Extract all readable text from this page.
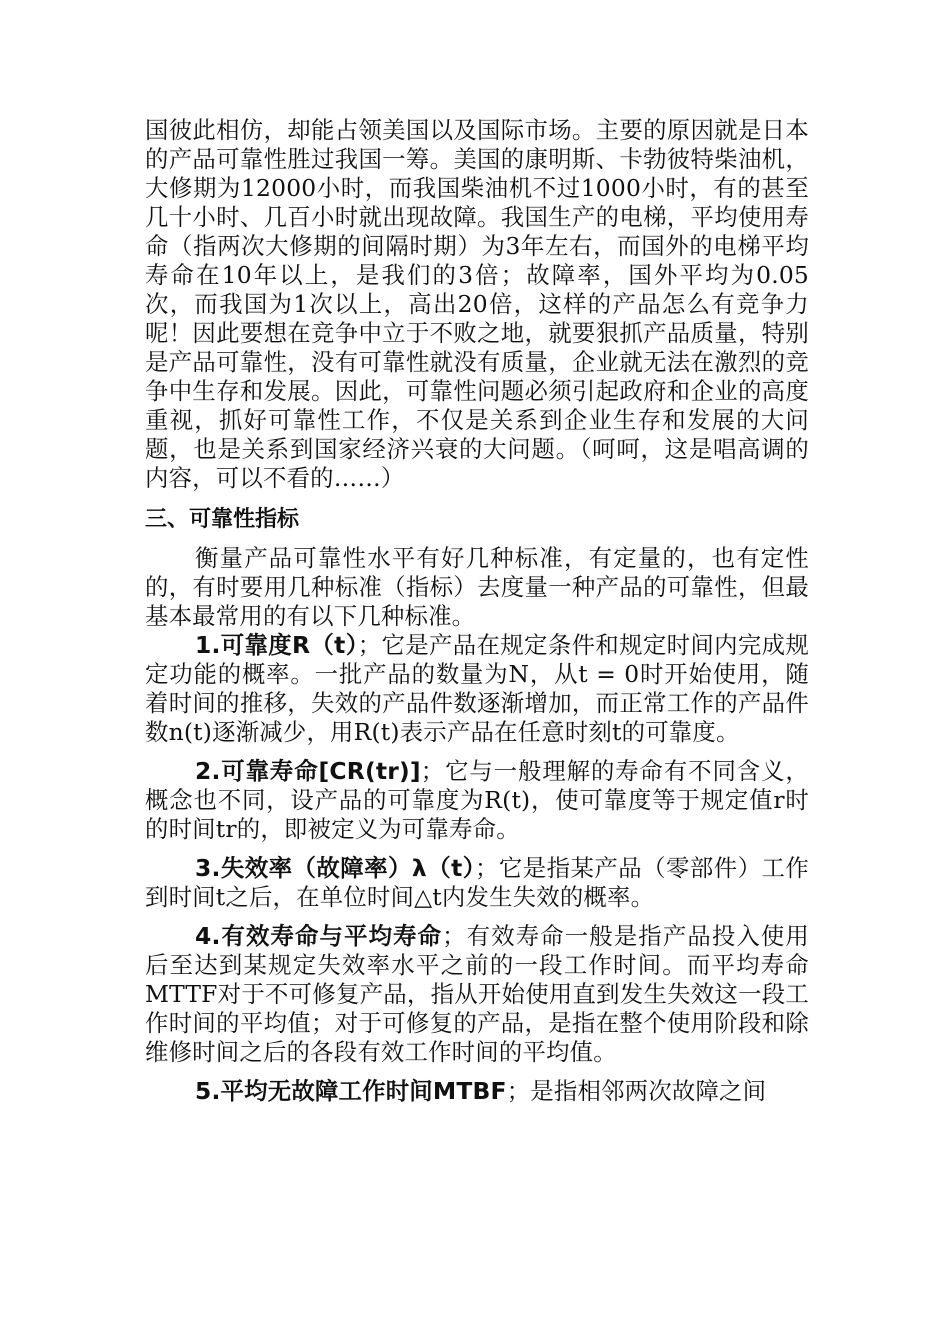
国彼此相仿，却能占领美国以及国际市场。主要的原因就是日本的产品可靠性胜过我国一筹。美国的康明斯、卡勃彼特柴油机，大修期为12000小时，而我国柴油机不过1000小时，有的甚至几十小时、几百小时就出现故障。我国生产的电梯，平均使用寿命（指两次大修期的间隔时期）为3年左右，而国外的电梯平均寿命在10年以上，是我们的3倍；故障率，国外平均为0.05次，而我国为1次以上，高出20倍，这样的产品怎么有竞争力呢！因此要想在竞争中立于不败之地，就要狠抓产品质量，特别是产品可靠性，没有可靠性就没有质量，企业就无法在激烈的竞争中生存和发展。因此，可靠性问题必须引起政府和企业的高度重视，抓好可靠性工作，不仅是关系到企业生存和发展的大问题，也是关系到国家经济兴衰的大问题。（呵呵，这是唱高调的内容，可以不看的……）

三、可靠性指标

衡量产品可靠性水平有好几种标准，有定量的，也有定性的，有时要用几种标准（指标）去度量一种产品的可靠性，但最基本最常用的有以下几种标准。

1.可靠度R（t）；它是产品在规定条件和规定时间内完成规定功能的概率。一批产品的数量为N，从t = 0时开始使用，随着时间的推移，失效的产品件数逐渐增加，而正常工作的产品件数n(t)逐渐减少，用R(t)表示产品在任意时刻t的可靠度。

2.可靠寿命[CR(tr)]；它与一般理解的寿命有不同含义，概念也不同，设产品的可靠度为R(t)，使可靠度等于规定值r时的时间tr的，即被定义为可靠寿命。

3.失效率（故障率）λ（t）；它是指某产品（零部件）工作到时间t之后，在单位时间△t内发生失效的概率。

4.有效寿命与平均寿命；有效寿命一般是指产品投入使用后至达到某规定失效率水平之前的一段工作时间。而平均寿命MTTF对于不可修复产品，指从开始使用直到发生失效这一段工作时间的平均值；对于可修复的产品，是指在整个使用阶段和除维修时间之后的各段有效工作时间的平均值。

5.平均无故障工作时间MTBF；是指相邻两次故障之间
